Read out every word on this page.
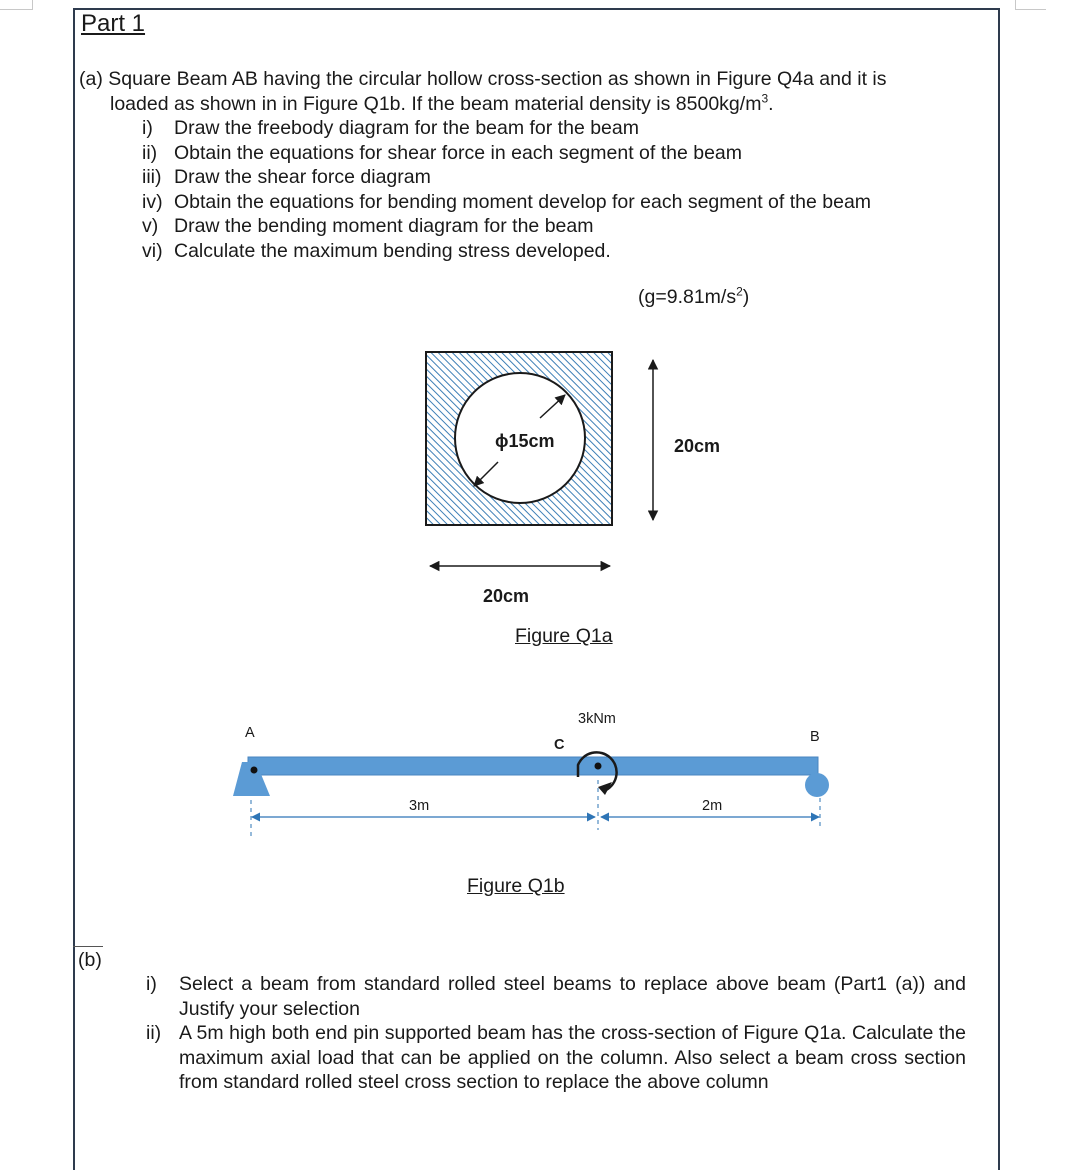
Part 1
(a) Square Beam AB having the circular hollow cross-section as shown in Figure Q4a and it is
loaded as shown in in Figure Q1b. If the beam material density is $8500kg/m^3$.
i) Draw the freebody diagram for the beam for the beam
ii) Obtain the equations for shear force in each segment of the beam
iii) Draw the shear force diagram
iv) Obtain the equations for bending moment develop for each segment of the beam
v) Draw the bending moment diagram for the beam
vi) Calculate the maximum bending stress developed.
$(g=9.81m/s^2)$
ϕ15cm	20cm
20cm
Figure Q1a
A	B
C
3kNm
3m	2m
Figure Q1b
(b)
i) Select a beam from standard rolled steel beams to replace above beam (Part1 (a)) and Justify your selection
ii) A 5m high both end pin supported beam has the cross-section of Figure Q1a. Calculate the maximum axial load that can be applied on the column. Also select a beam cross section from standard rolled steel cross section to replace the above column
